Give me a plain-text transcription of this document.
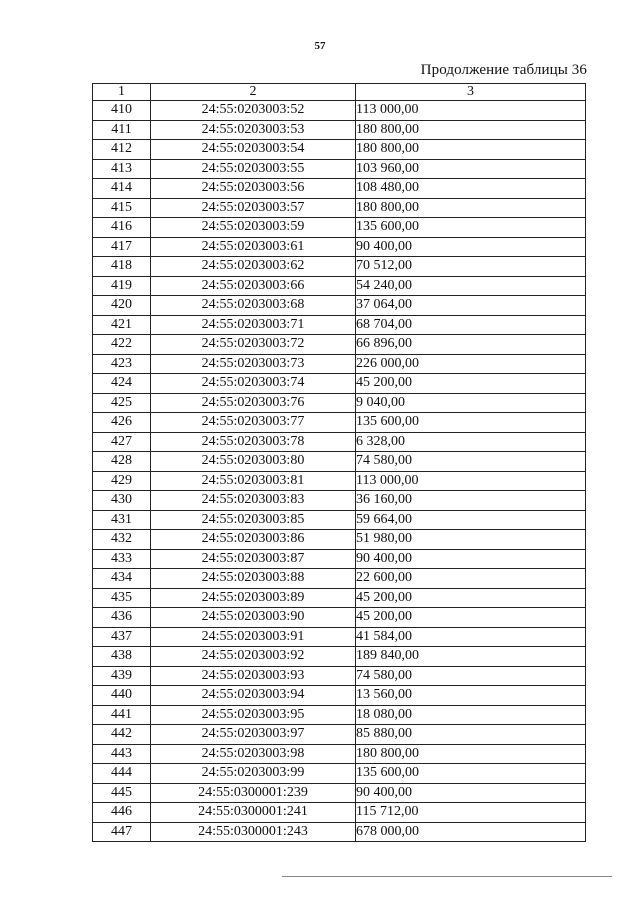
57
Продолжение таблицы 36
1	2	3
410	24:55:0203003:52	113 000,00
411	24:55:0203003:53	180 800,00
412	24:55:0203003:54	180 800,00
413	24:55:0203003:55	103 960,00
414	24:55:0203003:56	108 480,00
415	24:55:0203003:57	180 800,00
416	24:55:0203003:59	135 600,00
417	24:55:0203003:61	90 400,00
418	24:55:0203003:62	70 512,00
419	24:55:0203003:66	54 240,00
420	24:55:0203003:68	37 064,00
421	24:55:0203003:71	68 704,00
422	24:55:0203003:72	66 896,00
423	24:55:0203003:73	226 000,00
424	24:55:0203003:74	45 200,00
425	24:55:0203003:76	9 040,00
426	24:55:0203003:77	135 600,00
427	24:55:0203003:78	6 328,00
428	24:55:0203003:80	74 580,00
429	24:55:0203003:81	113 000,00
430	24:55:0203003:83	36 160,00
431	24:55:0203003:85	59 664,00
432	24:55:0203003:86	51 980,00
433	24:55:0203003:87	90 400,00
434	24:55:0203003:88	22 600,00
435	24:55:0203003:89	45 200,00
436	24:55:0203003:90	45 200,00
437	24:55:0203003:91	41 584,00
438	24:55:0203003:92	189 840,00
439	24:55:0203003:93	74 580,00
440	24:55:0203003:94	13 560,00
441	24:55:0203003:95	18 080,00
442	24:55:0203003:97	85 880,00
443	24:55:0203003:98	180 800,00
444	24:55:0203003:99	135 600,00
445	24:55:0300001:239	90 400,00
446	24:55:0300001:241	115 712,00
447	24:55:0300001:243	678 000,00
